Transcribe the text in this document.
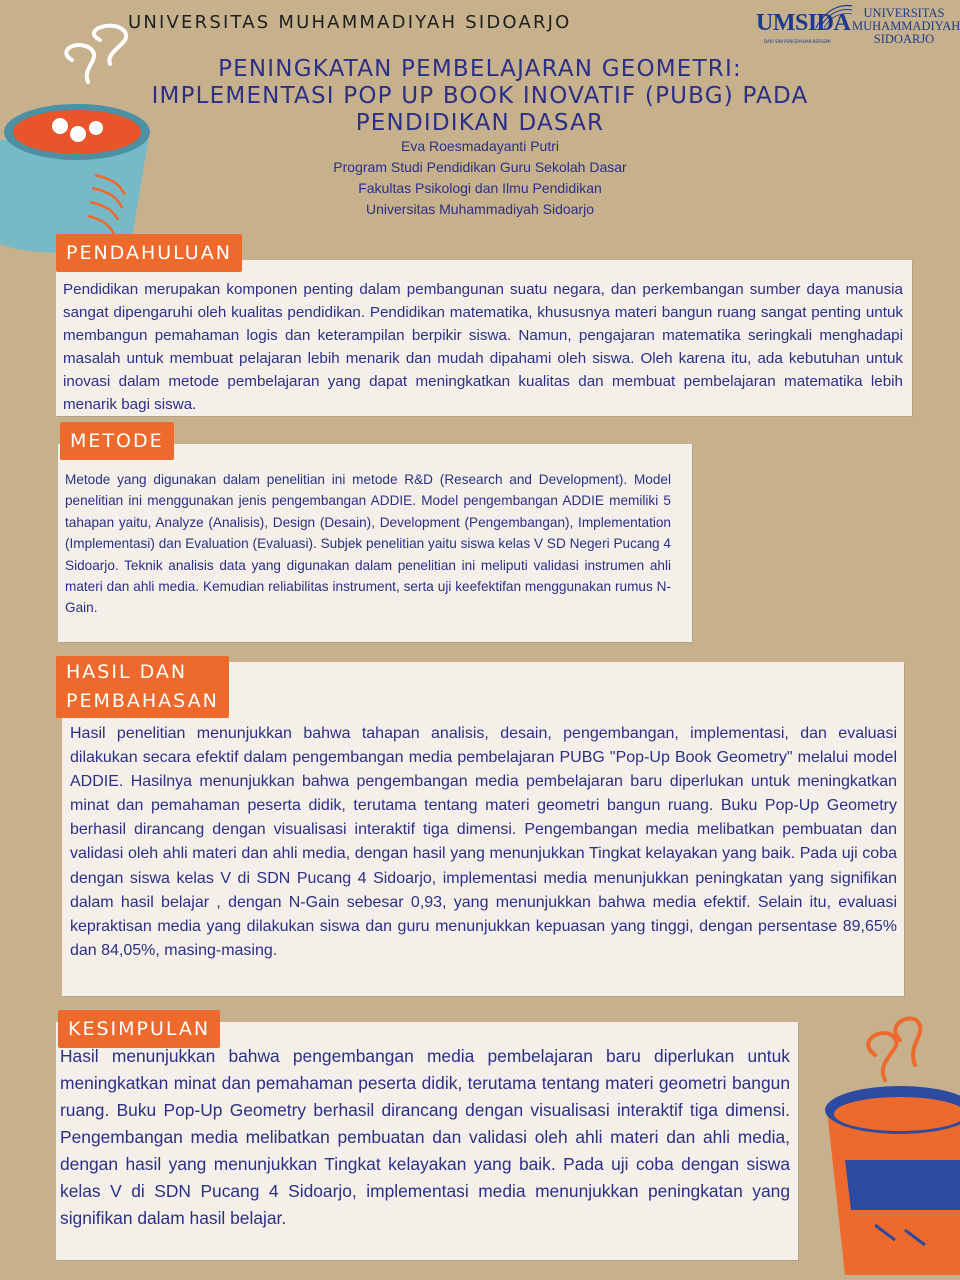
UNIVERSITAS MUHAMMADIYAH SIDOARJO	UMSIDA
DARI SINI PENCERAHAN BERSEMI
UNIVERSITAS
MUHAMMADIYAH
SIDOARJO
PENINGKATAN PEMBELAJARAN GEOMETRI:
IMPLEMENTASI POP UP BOOK INOVATIF (PUBG) PADA
PENDIDIKAN DASAR
Eva Roesmadayanti Putri
Program Studi Pendidikan Guru Sekolah Dasar
Fakultas Psikologi dan Ilmu Pendidikan
Universitas Muhammadiyah Sidoarjo
PENDAHULUAN
Pendidikan merupakan komponen penting dalam pembangunan suatu negara, dan perkembangan sumber daya manusia sangat dipengaruhi oleh kualitas pendidikan. Pendidikan matematika, khususnya materi bangun ruang sangat penting untuk membangun pemahaman logis dan keterampilan berpikir siswa. Namun, pengajaran matematika seringkali menghadapi masalah untuk membuat pelajaran lebih menarik dan mudah dipahami oleh siswa. Oleh karena itu, ada kebutuhan untuk inovasi dalam metode pembelajaran yang dapat meningkatkan kualitas dan membuat pembelajaran matematika lebih menarik bagi siswa.
METODE
Metode yang digunakan dalam penelitian ini metode R&D (Research and Development). Model penelitian ini menggunakan jenis pengembangan ADDIE. Model pengembangan ADDIE memiliki 5 tahapan yaitu, Analyze (Analisis), Design (Desain), Development (Pengembangan), Implementation (Implementasi) dan Evaluation (Evaluasi). Subjek penelitian yaitu siswa kelas V SD Negeri Pucang 4 Sidoarjo. Teknik analisis data yang digunakan dalam penelitian ini meliputi validasi instrumen ahli materi dan ahli media. Kemudian reliabilitas instrument, serta uji keefektifan menggunakan rumus N-Gain.
HASIL DAN
PEMBAHASAN
Hasil penelitian menunjukkan bahwa tahapan analisis, desain, pengembangan, implementasi, dan evaluasi dilakukan secara efektif dalam pengembangan media pembelajaran PUBG "Pop-Up Book Geometry" melalui model ADDIE. Hasilnya menunjukkan bahwa pengembangan media pembelajaran baru diperlukan untuk meningkatkan minat dan pemahaman peserta didik, terutama tentang materi geometri bangun ruang. Buku Pop-Up Geometry berhasil dirancang dengan visualisasi interaktif tiga dimensi. Pengembangan media melibatkan pembuatan dan validasi oleh ahli materi dan ahli media, dengan hasil yang menunjukkan Tingkat kelayakan yang baik. Pada uji coba dengan siswa kelas V di SDN Pucang 4 Sidoarjo, implementasi media menunjukkan peningkatan yang signifikan dalam hasil belajar , dengan N-Gain sebesar 0,93, yang menunjukkan bahwa media efektif. Selain itu, evaluasi kepraktisan media yang dilakukan siswa dan guru menunjukkan kepuasan yang tinggi, dengan persentase 89,65% dan 84,05%, masing-masing.
KESIMPULAN
Hasil menunjukkan bahwa pengembangan media pembelajaran baru diperlukan untuk meningkatkan minat dan pemahaman peserta didik, terutama tentang materi geometri bangun ruang. Buku Pop-Up Geometry berhasil dirancang dengan visualisasi interaktif tiga dimensi. Pengembangan media melibatkan pembuatan dan validasi oleh ahli materi dan ahli media, dengan hasil yang menunjukkan Tingkat kelayakan yang baik. Pada uji coba dengan siswa kelas V di SDN Pucang 4 Sidoarjo, implementasi media menunjukkan peningkatan yang signifikan dalam hasil belajar.
